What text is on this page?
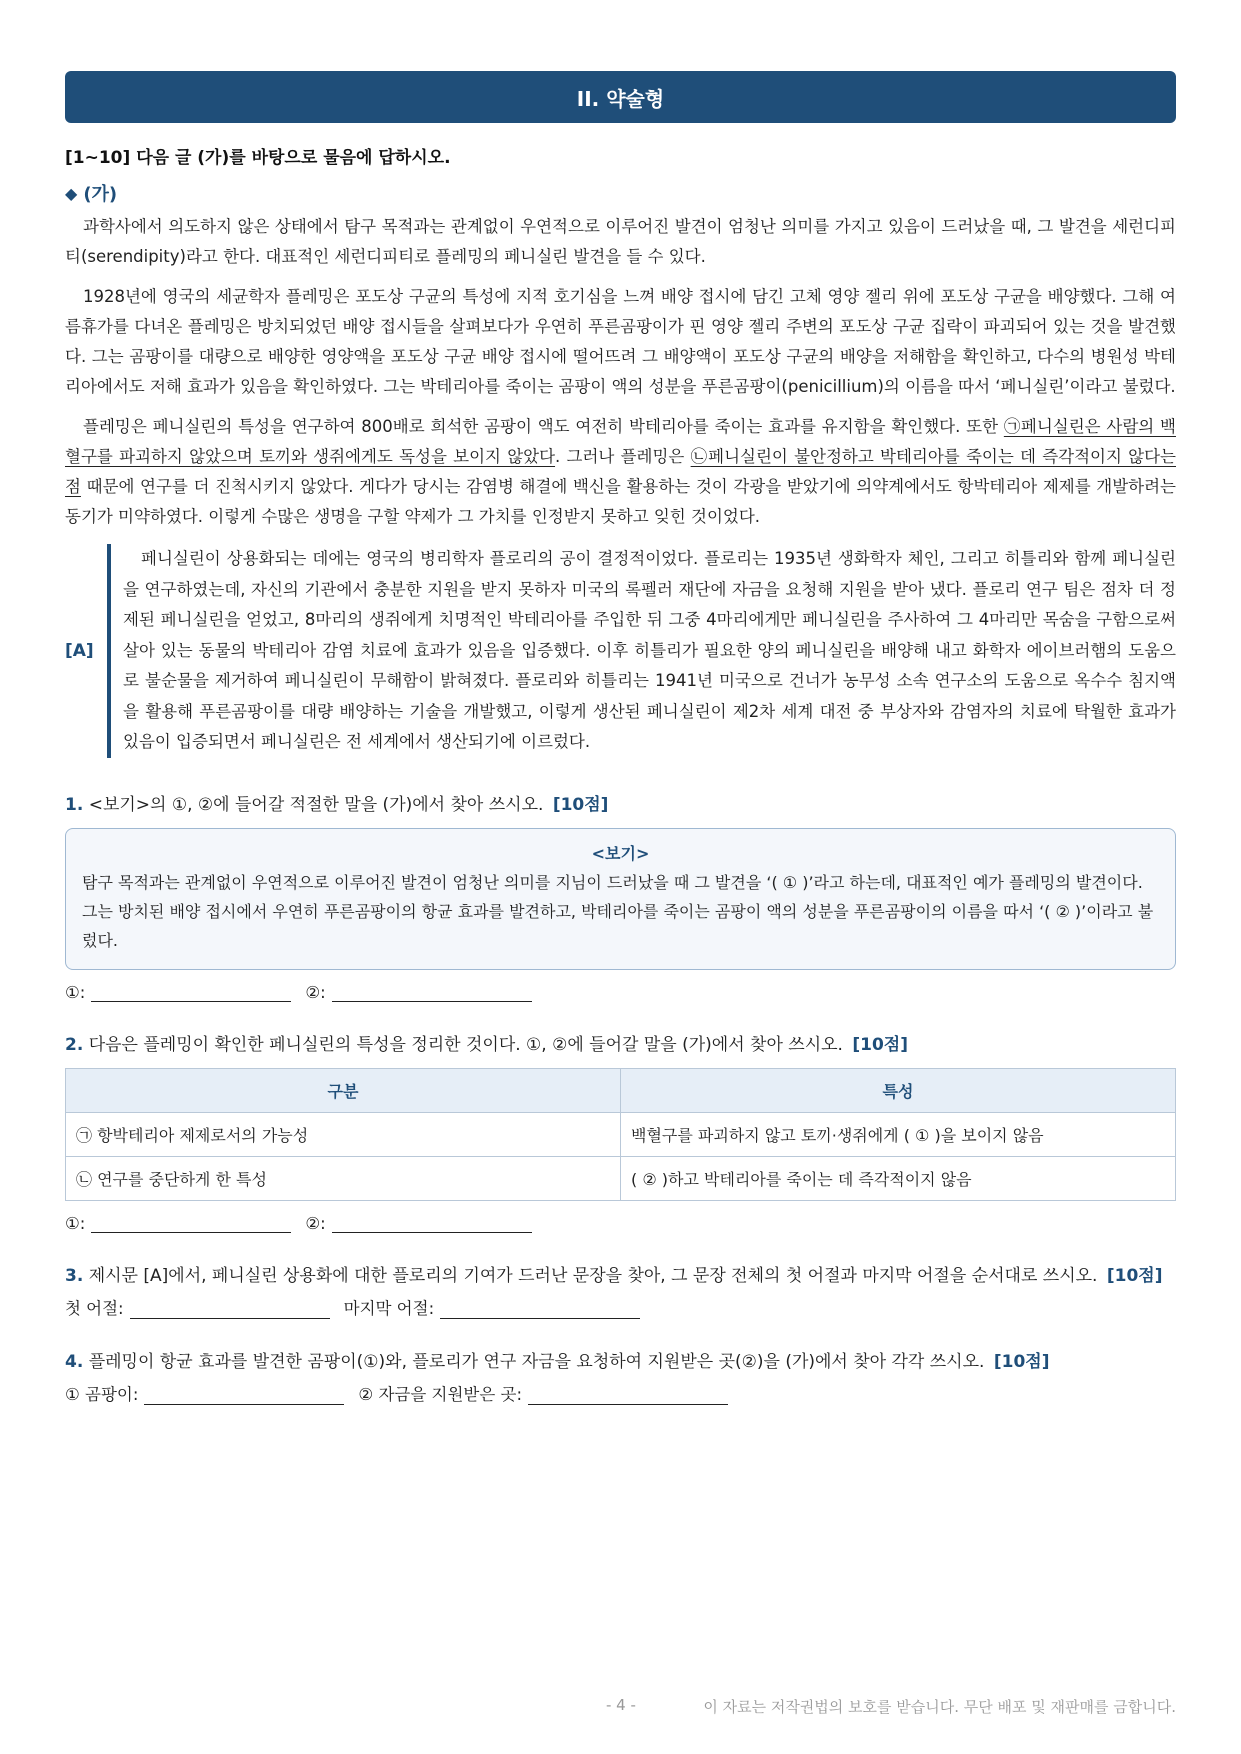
II. 약술형
[1~10] 다음 글 (가)를 바탕으로 물음에 답하시오.
◆ (가)

과학사에서 의도하지 않은 상태에서 탐구 목적과는 관계없이 우연적으로 이루어진 발견이 엄청난 의미를 가지고 있음이 드러났을 때, 그 발견을 세런디피티(serendipity)라고 한다. 대표적인 세런디피티로 플레밍의 페니실린 발견을 들 수 있다.

1928년에 영국의 세균학자 플레밍은 포도상 구균의 특성에 지적 호기심을 느껴 배양 접시에 담긴 고체 영양 젤리 위에 포도상 구균을 배양했다. 그해 여름휴가를 다녀온 플레밍은 방치되었던 배양 접시들을 살펴보다가 우연히 푸른곰팡이가 핀 영양 젤리 주변의 포도상 구균 집락이 파괴되어 있는 것을 발견했다. 그는 곰팡이를 대량으로 배양한 영양액을 포도상 구균 배양 접시에 떨어뜨려 그 배양액이 포도상 구균의 배양을 저해함을 확인하고, 다수의 병원성 박테리아에서도 저해 효과가 있음을 확인하였다. 그는 박테리아를 죽이는 곰팡이 액의 성분을 푸른곰팡이(penicillium)의 이름을 따서 ‘페니실린’이라고 불렀다.

플레밍은 페니실린의 특성을 연구하여 800배로 희석한 곰팡이 액도 여전히 박테리아를 죽이는 효과를 유지함을 확인했다. 또한 ㉠페니실린은 사람의 백혈구를 파괴하지 않았으며 토끼와 생쥐에게도 독성을 보이지 않았다. 그러나 플레밍은 ㉡페니실린이 불안정하고 박테리아를 죽이는 데 즉각적이지 않다는 점 때문에 연구를 더 진척시키지 않았다. 게다가 당시는 감염병 해결에 백신을 활용하는 것이 각광을 받았기에 의약계에서도 항박테리아 제제를 개발하려는 동기가 미약하였다. 이렇게 수많은 생명을 구할 약제가 그 가치를 인정받지 못하고 잊힌 것이었다.

[A]
페니실린이 상용화되는 데에는 영국의 병리학자 플로리의 공이 결정적이었다. 플로리는 1935년 생화학자 체인, 그리고 히틀리와 함께 페니실린을 연구하였는데, 자신의 기관에서 충분한 지원을 받지 못하자 미국의 록펠러 재단에 자금을 요청해 지원을 받아 냈다. 플로리 연구 팀은 점차 더 정제된 페니실린을 얻었고, 8마리의 생쥐에게 치명적인 박테리아를 주입한 뒤 그중 4마리에게만 페니실린을 주사하여 그 4마리만 목숨을 구함으로써 살아 있는 동물의 박테리아 감염 치료에 효과가 있음을 입증했다. 이후 히틀리가 필요한 양의 페니실린을 배양해 내고 화학자 에이브러햄의 도움으로 불순물을 제거하여 페니실린이 무해함이 밝혀졌다. 플로리와 히틀리는 1941년 미국으로 건너가 농무성 소속 연구소의 도움으로 옥수수 침지액을 활용해 푸른곰팡이를 대량 배양하는 기술을 개발했고, 이렇게 생산된 페니실린이 제2차 세계 대전 중 부상자와 감염자의 치료에 탁월한 효과가 있음이 입증되면서 페니실린은 전 세계에서 생산되기에 이르렀다.
1. <보기>의 ①, ②에 들어갈 적절한 말을 (가)에서 찾아 쓰시오. [10점]
<보기>
탐구 목적과는 관계없이 우연적으로 이루어진 발견이 엄청난 의미를 지님이 드러났을 때 그 발견을 ‘( ① )’라고 하는데, 대표적인 예가 플레밍의 발견이다. 그는 방치된 배양 접시에서 우연히 푸른곰팡이의 항균 효과를 발견하고, 박테리아를 죽이는 곰팡이 액의 성분을 푸른곰팡이의 이름을 따서 ‘( ② )’이라고 불렀다.
①:	②:
2. 다음은 플레밍이 확인한 페니실린의 특성을 정리한 것이다. ①, ②에 들어갈 말을 (가)에서 찾아 쓰시오. [10점]
구분	특성
㉠ 항박테리아 제제로서의 가능성	백혈구를 파괴하지 않고 토끼·생쥐에게 ( ① )을 보이지 않음
㉡ 연구를 중단하게 한 특성	( ② )하고 박테리아를 죽이는 데 즉각적이지 않음
①:	②:
3. 제시문 [A]에서, 페니실린 상용화에 대한 플로리의 기여가 드러난 문장을 찾아, 그 문장 전체의 첫 어절과 마지막 어절을 순서대로 쓰시오. [10점]
첫 어절:	마지막 어절:
4. 플레밍이 항균 효과를 발견한 곰팡이(①)와, 플로리가 연구 자금을 요청하여 지원받은 곳(②)을 (가)에서 찾아 각각 쓰시오. [10점]
① 곰팡이:	② 자금을 지원받은 곳:
- 4 -	이 자료는 저작권법의 보호를 받습니다. 무단 배포 및 재판매를 금합니다.
